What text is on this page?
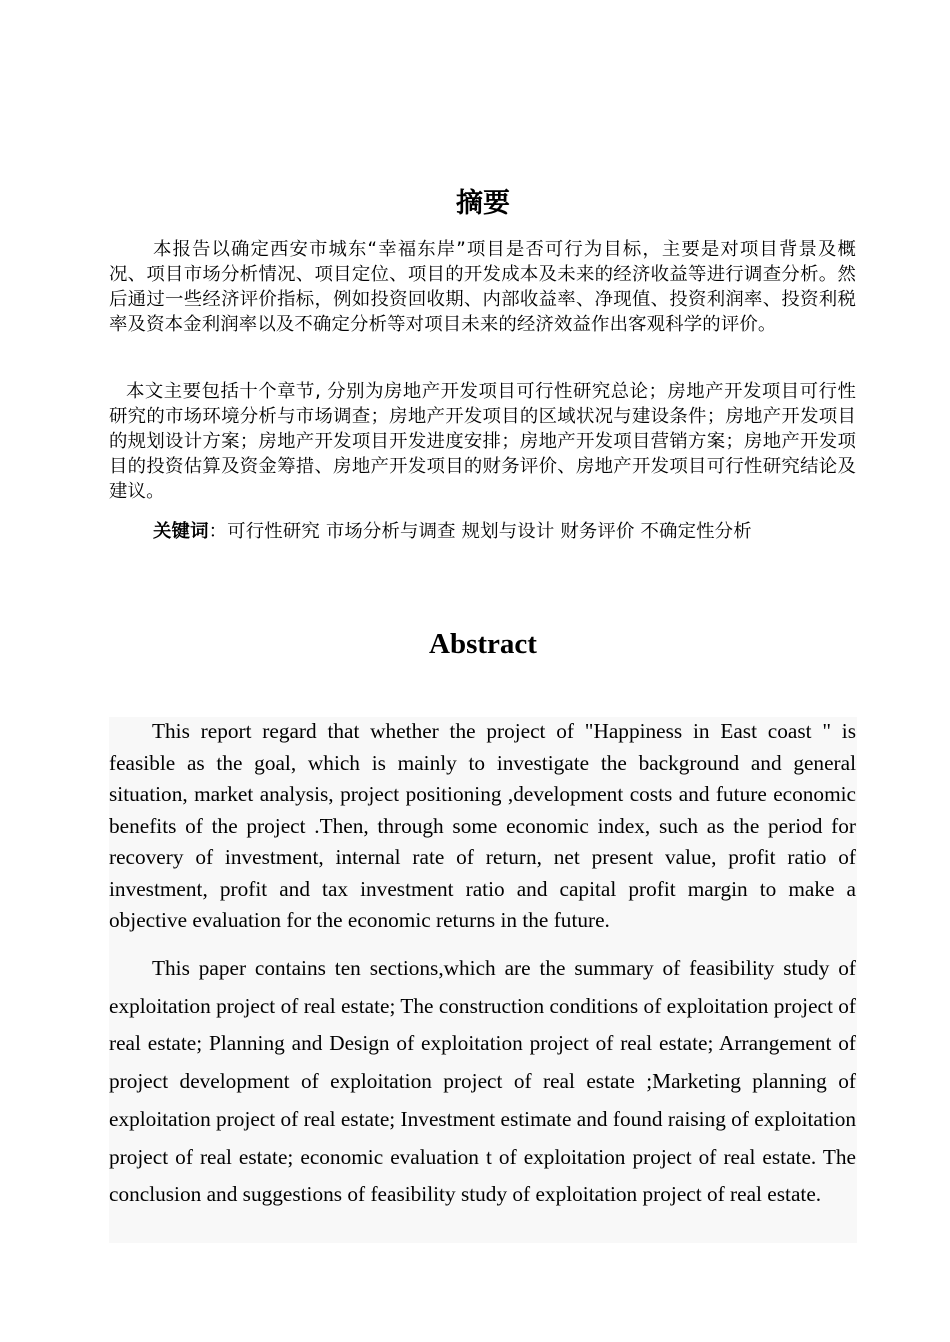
摘要

本报告以确定西安市城东“幸福东岸”项目是否可行为目标，主要是对项目背景及概况、项目市场分析情况、项目定位、项目的开发成本及未来的经济收益等进行调查分析。然后通过一些经济评价指标，例如投资回收期、内部收益率、净现值、投资利润率、投资利税率及资本金利润率以及不确定分析等对项目未来的经济效益作出客观科学的评价。

本文主要包括十个章节, 分别为房地产开发项目可行性研究总论；房地产开发项目可行性研究的市场环境分析与市场调查；房地产开发项目的区域状况与建设条件；房地产开发项目的规划设计方案；房地产开发项目开发进度安排；房地产开发项目营销方案；房地产开发项目的投资估算及资金筹措、房地产开发项目的财务评价、房地产开发项目可行性研究结论及建议。

关键词：可行性研究 市场分析与调查 规划与设计 财务评价 不确定性分析

Abstract

This report regard that whether the project of "Happiness in East coast " is feasible as the goal, which is mainly to investigate the background and general situation, market analysis, project positioning ,development costs and future economic benefits of the project .Then, through some economic index, such as the period for recovery of investment, internal rate of return, net present value, profit ratio of investment, profit and tax investment ratio and capital profit margin to make a objective evaluation for the economic returns in the future.

This paper contains ten sections,which are the summary of feasibility study of exploitation project of real estate; The construction conditions of exploitation project of real estate; Planning and Design of exploitation project of real estate; Arrangement of project development of exploitation project of real estate ;Marketing planning of exploitation project of real estate; Investment estimate and found raising of exploitation project of real estate; economic evaluation t of exploitation project of real estate. The conclusion and suggestions of feasibility study of exploitation project of real estate.
